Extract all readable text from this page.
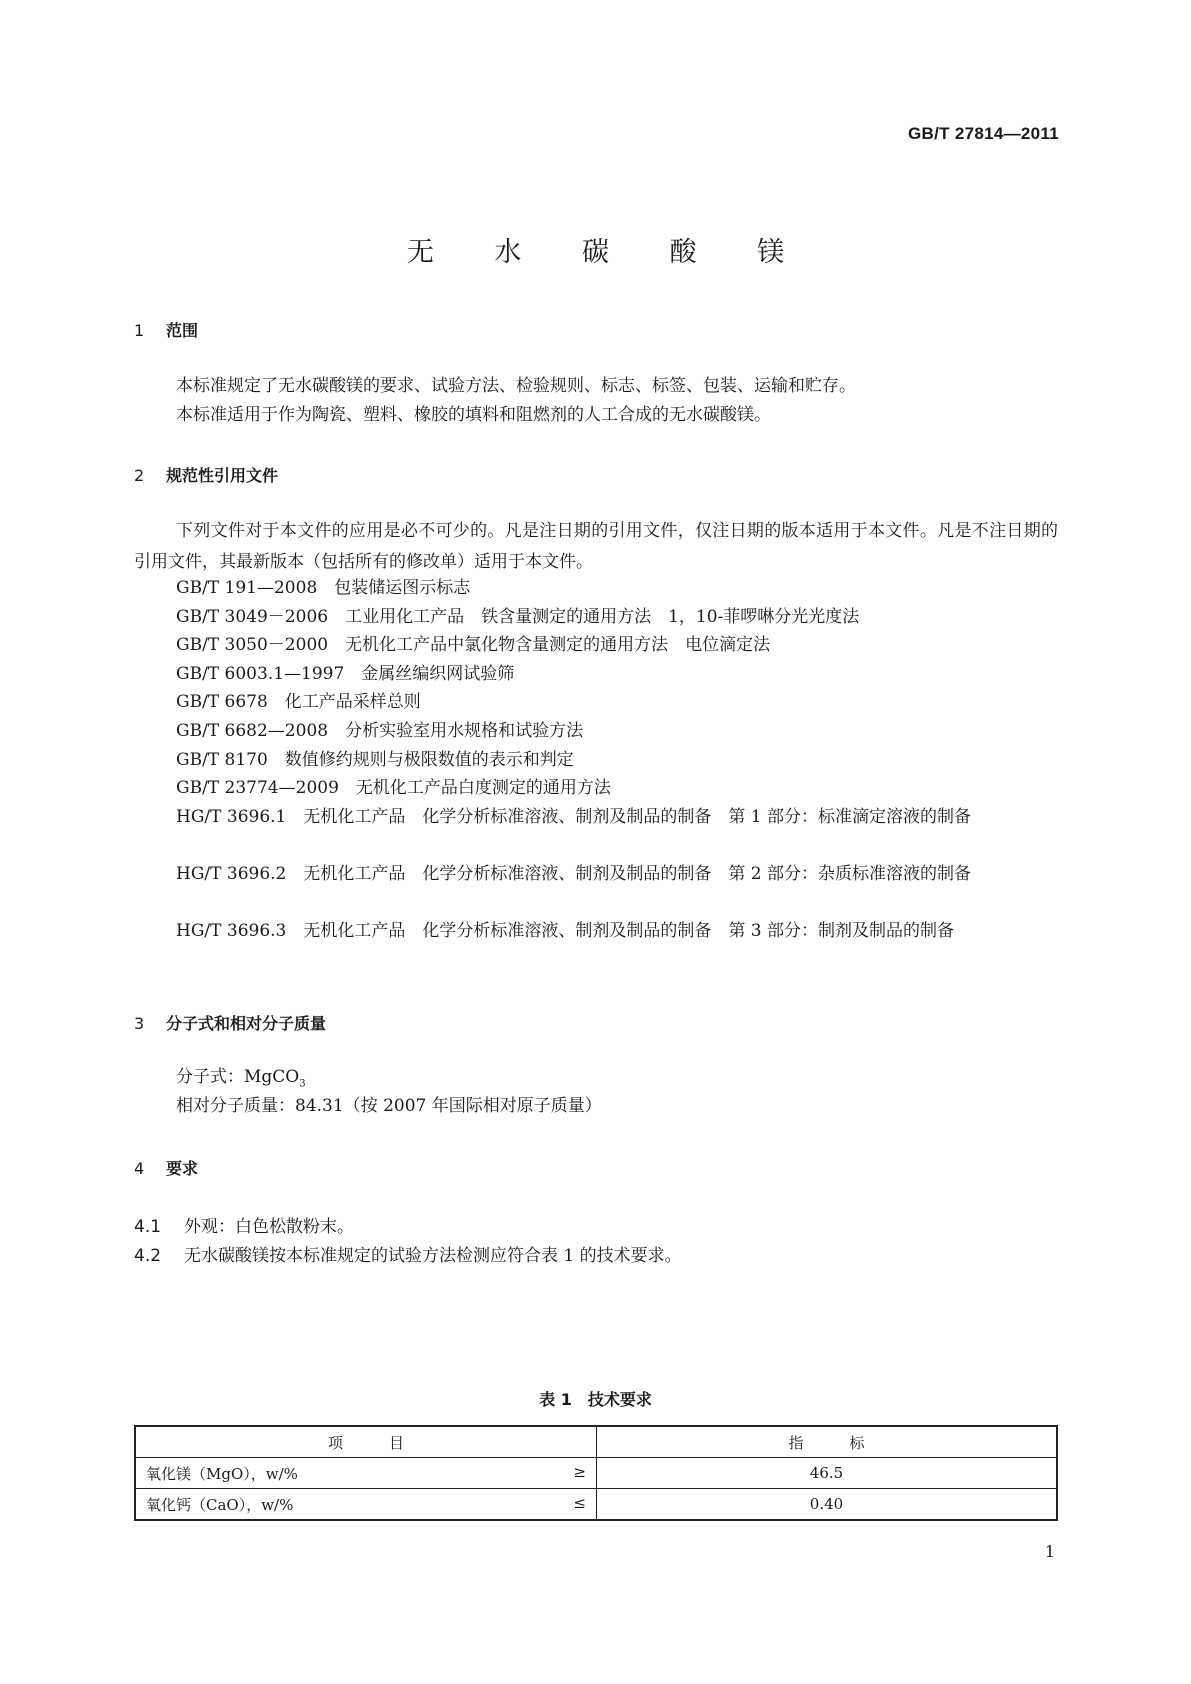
GB/T 27814—2011
无 水 碳 酸 镁
1 范围
本标准规定了无水碳酸镁的要求、试验方法、检验规则、标志、标签、包装、运输和贮存。
本标准适用于作为陶瓷、塑料、橡胶的填料和阻燃剂的人工合成的无水碳酸镁。
2 规范性引用文件
下列文件对于本文件的应用是必不可少的。凡是注日期的引用文件，仅注日期的版本适用于本文件。凡是不注日期的引用文件，其最新版本（包括所有的修改单）适用于本文件。
GB/T 191—2008　包装储运图示标志
GB/T 3049－2006　工业用化工产品　铁含量测定的通用方法　1，10-菲啰啉分光光度法
GB/T 3050－2000　无机化工产品中氯化物含量测定的通用方法　电位滴定法
GB/T 6003.1—1997　金属丝编织网试验筛
GB/T 6678　化工产品采样总则
GB/T 6682—2008　分析实验室用水规格和试验方法
GB/T 8170　数值修约规则与极限数值的表示和判定
GB/T 23774—2009　无机化工产品白度测定的通用方法
HG/T 3696.1　无机化工产品　化学分析标准溶液、制剂及制品的制备　第 1 部分：标准滴定溶液的制备
HG/T 3696.2　无机化工产品　化学分析标准溶液、制剂及制品的制备　第 2 部分：杂质标准溶液的制备
HG/T 3696.3　无机化工产品　化学分析标准溶液、制剂及制品的制备　第 3 部分：制剂及制品的制备
3 分子式和相对分子质量
分子式：MgCO$_3$
相对分子质量：84.31（按 2007 年国际相对原子质量）
4 要求
4.1 外观：白色松散粉末。
4.2 无水碳酸镁按本标准规定的试验方法检测应符合表 1 的技术要求。
表 1　技术要求
项目	指标
氧化镁（MgO），w/% ≥	46.5
氧化钙（CaO），w/% ≤	0.40
1
